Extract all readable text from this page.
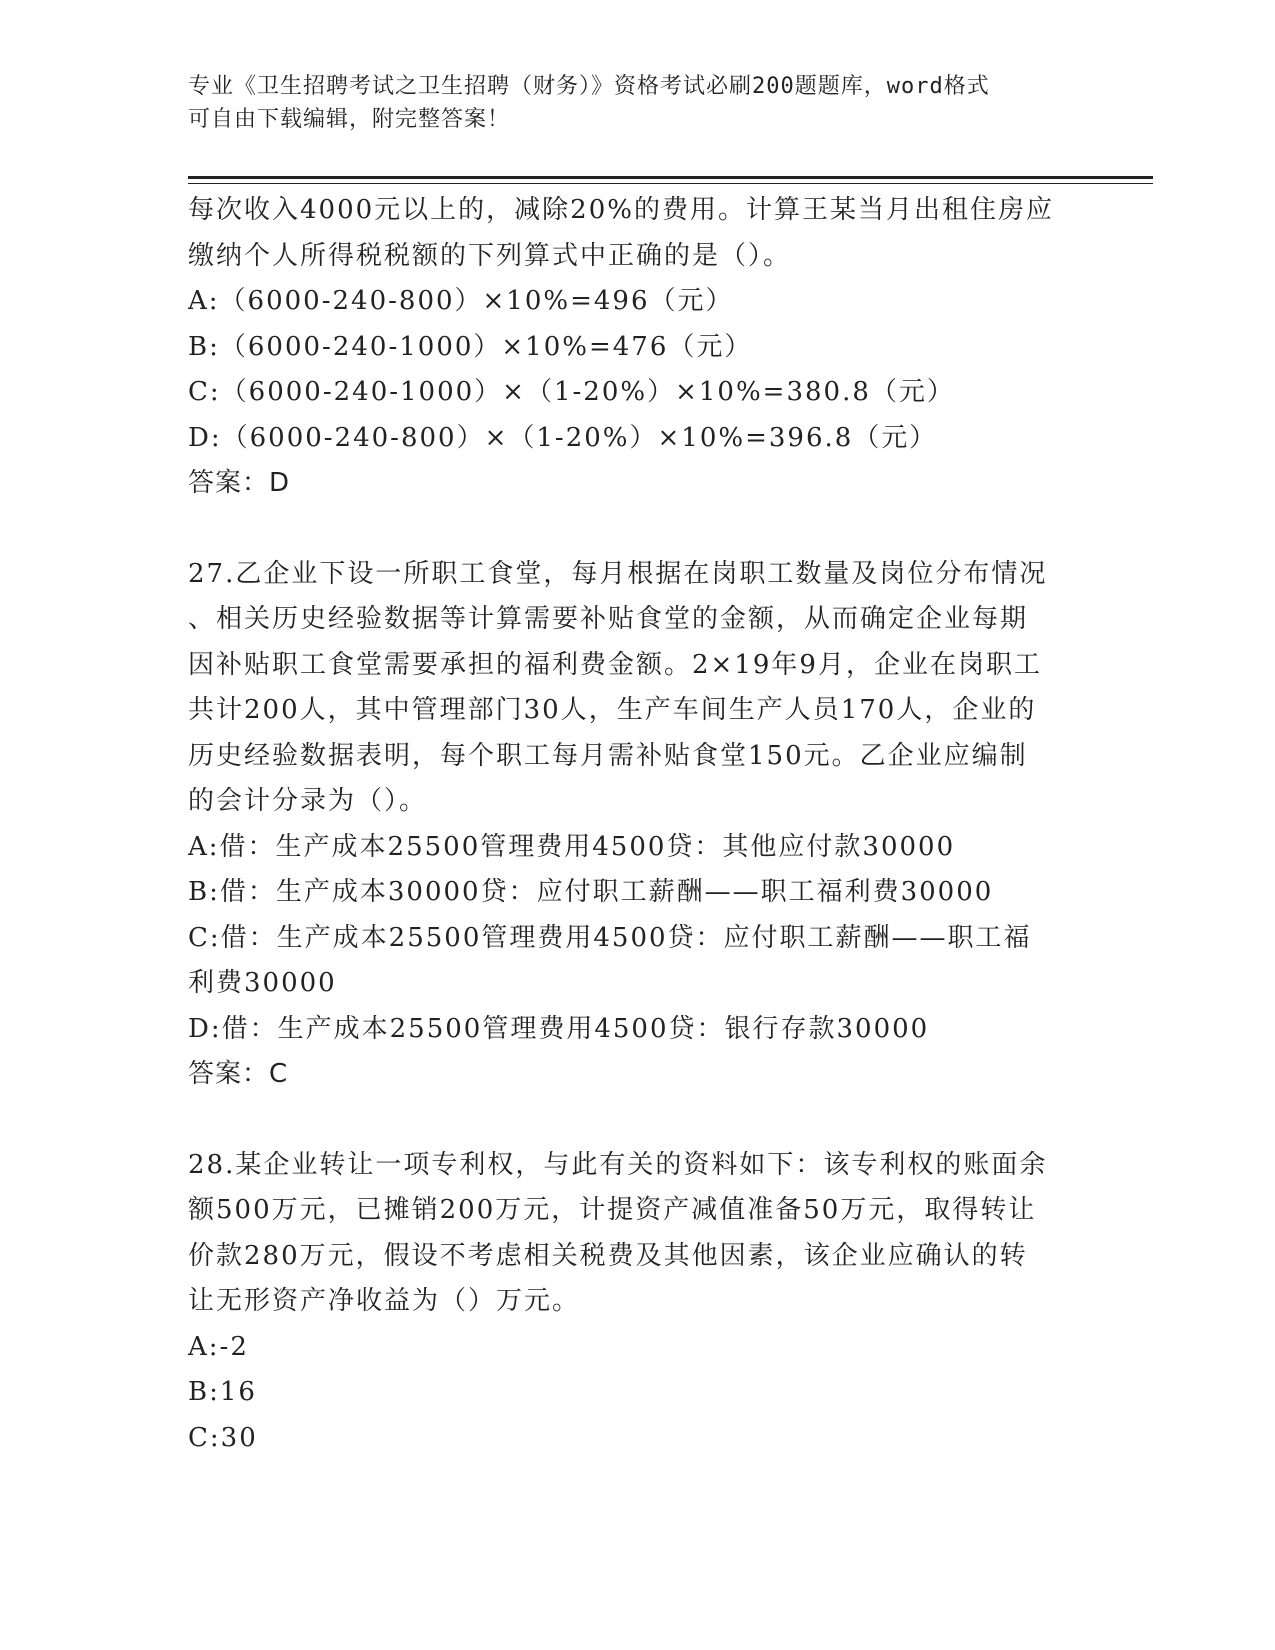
专业《卫生招聘考试之卫生招聘（财务）》资格考试必刷200题题库，word格式
可自由下载编辑，附完整答案！
每次收入4000元以上的，减除20%的费用。计算王某当月出租住房应
缴纳个人所得税税额的下列算式中正确的是（）。
A:（6000-240-800）×10%=496（元）
B:（6000-240-1000）×10%=476（元）
C:（6000-240-1000）×（1-20%）×10%=380.8（元）
D:（6000-240-800）×（1-20%）×10%=396.8（元）
答案：D
27.乙企业下设一所职工食堂，每月根据在岗职工数量及岗位分布情况
、相关历史经验数据等计算需要补贴食堂的金额，从而确定企业每期
因补贴职工食堂需要承担的福利费金额。2×19年9月，企业在岗职工
共计200人，其中管理部门30人，生产车间生产人员170人，企业的
历史经验数据表明，每个职工每月需补贴食堂150元。乙企业应编制
的会计分录为（）。
A:借：生产成本25500管理费用4500贷：其他应付款30000
B:借：生产成本30000贷：应付职工薪酬——职工福利费30000
C:借：生产成本25500管理费用4500贷：应付职工薪酬——职工福
利费30000
D:借：生产成本25500管理费用4500贷：银行存款30000
答案：C
28.某企业转让一项专利权，与此有关的资料如下：该专利权的账面余
额500万元，已摊销200万元，计提资产减值准备50万元，取得转让
价款280万元，假设不考虑相关税费及其他因素，该企业应确认的转
让无形资产净收益为（）万元。
A:-2
B:16
C:30
